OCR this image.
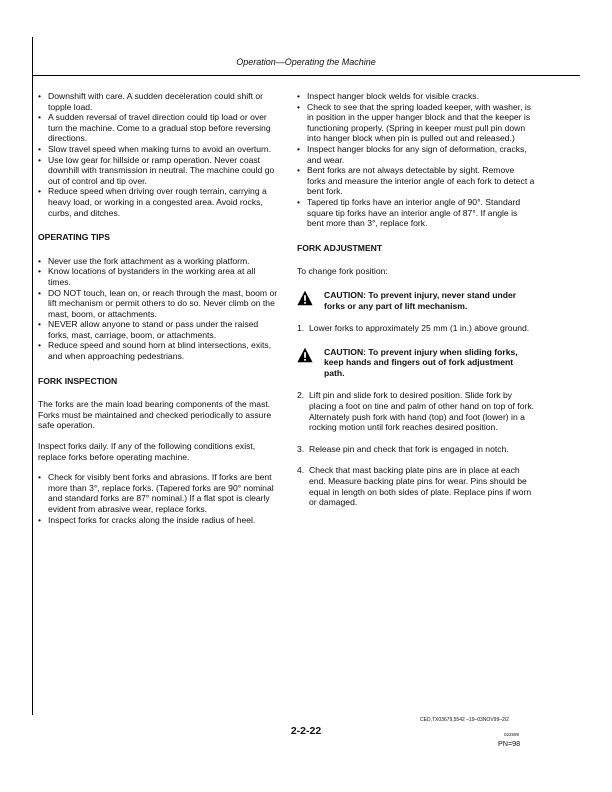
Operation—Operating the Machine
• Downshift with care. A sudden deceleration could shift or topple load.
• A sudden reversal of travel direction could tip load or over turn the machine. Come to a gradual stop before reversing directions.
• Slow travel speed when making turns to avoid an overturn.
• Use low gear for hillside or ramp operation. Never coast downhill with transmission in neutral. The machine could go out of control and tip over.
• Reduce speed when driving over rough terrain, carrying a heavy load, or working in a congested area. Avoid rocks, curbs, and ditches.
OPERATING TIPS
• Never use the fork attachment as a working platform.
• Know locations of bystanders in the working area at all times.
• DO NOT touch, lean on, or reach through the mast, boom or lift mechanism or permit others to do so. Never climb on the mast, boom, or attachments.
• NEVER allow anyone to stand or pass under the raised forks, mast, carriage, boom, or attachments.
• Reduce speed and sound horn at blind intersections, exits, and when approaching pedestrians.
FORK INSPECTION

The forks are the main load bearing components of the mast. Forks must be maintained and checked periodically to assure safe operation.

Inspect forks daily. If any of the following conditions exist, replace forks before operating machine.

• Check for visibly bent forks and abrasions. If forks are bent more than 3°, replace forks. (Tapered forks are 90° nominal and standard forks are 87° nominal.) If a flat spot is clearly evident from abrasive wear, replace forks.
• Inspect forks for cracks along the inside radius of heel.
• Inspect hanger block welds for visible cracks.
• Check to see that the spring loaded keeper, with washer, is in position in the upper hanger block and that the keeper is functioning properly. (Spring in keeper must pull pin down into hanger block when pin is pulled out and released.)
• Inspect hanger blocks for any sign of deformation, cracks, and wear.
• Bent forks are not always detectable by sight. Remove forks and measure the interior angle of each fork to detect a bent fork.
• Tapered tip forks have an interior angle of 90°. Standard square tip forks have an interior angle of 87°. If angle is bent more than 3°, replace fork.
FORK ADJUSTMENT

To change fork position:

CAUTION: To prevent injury, never stand under forks or any part of lift mechanism.
1. Lower forks to approximately 25 mm (1 in.) above ground.
CAUTION: To prevent injury when sliding forks, keep hands and fingers out of fork adjustment path.
2. Lift pin and slide fork to desired position. Slide fork by placing a foot on tine and palm of other hand on top of fork. Alternately push fork with hand (top) and foot (lower) in a rocking motion until fork reaches desired position.
3. Release pin and check that fork is engaged in notch.
4. Check that mast backing plate pins are in place at each end. Measure backing plate pins for wear. Pins should be equal in length on both sides of plate. Replace pins if worn or damaged.
CED,TX03679,5542 –19–03NOV99–2/2
2-2-22	022599
PN=98
